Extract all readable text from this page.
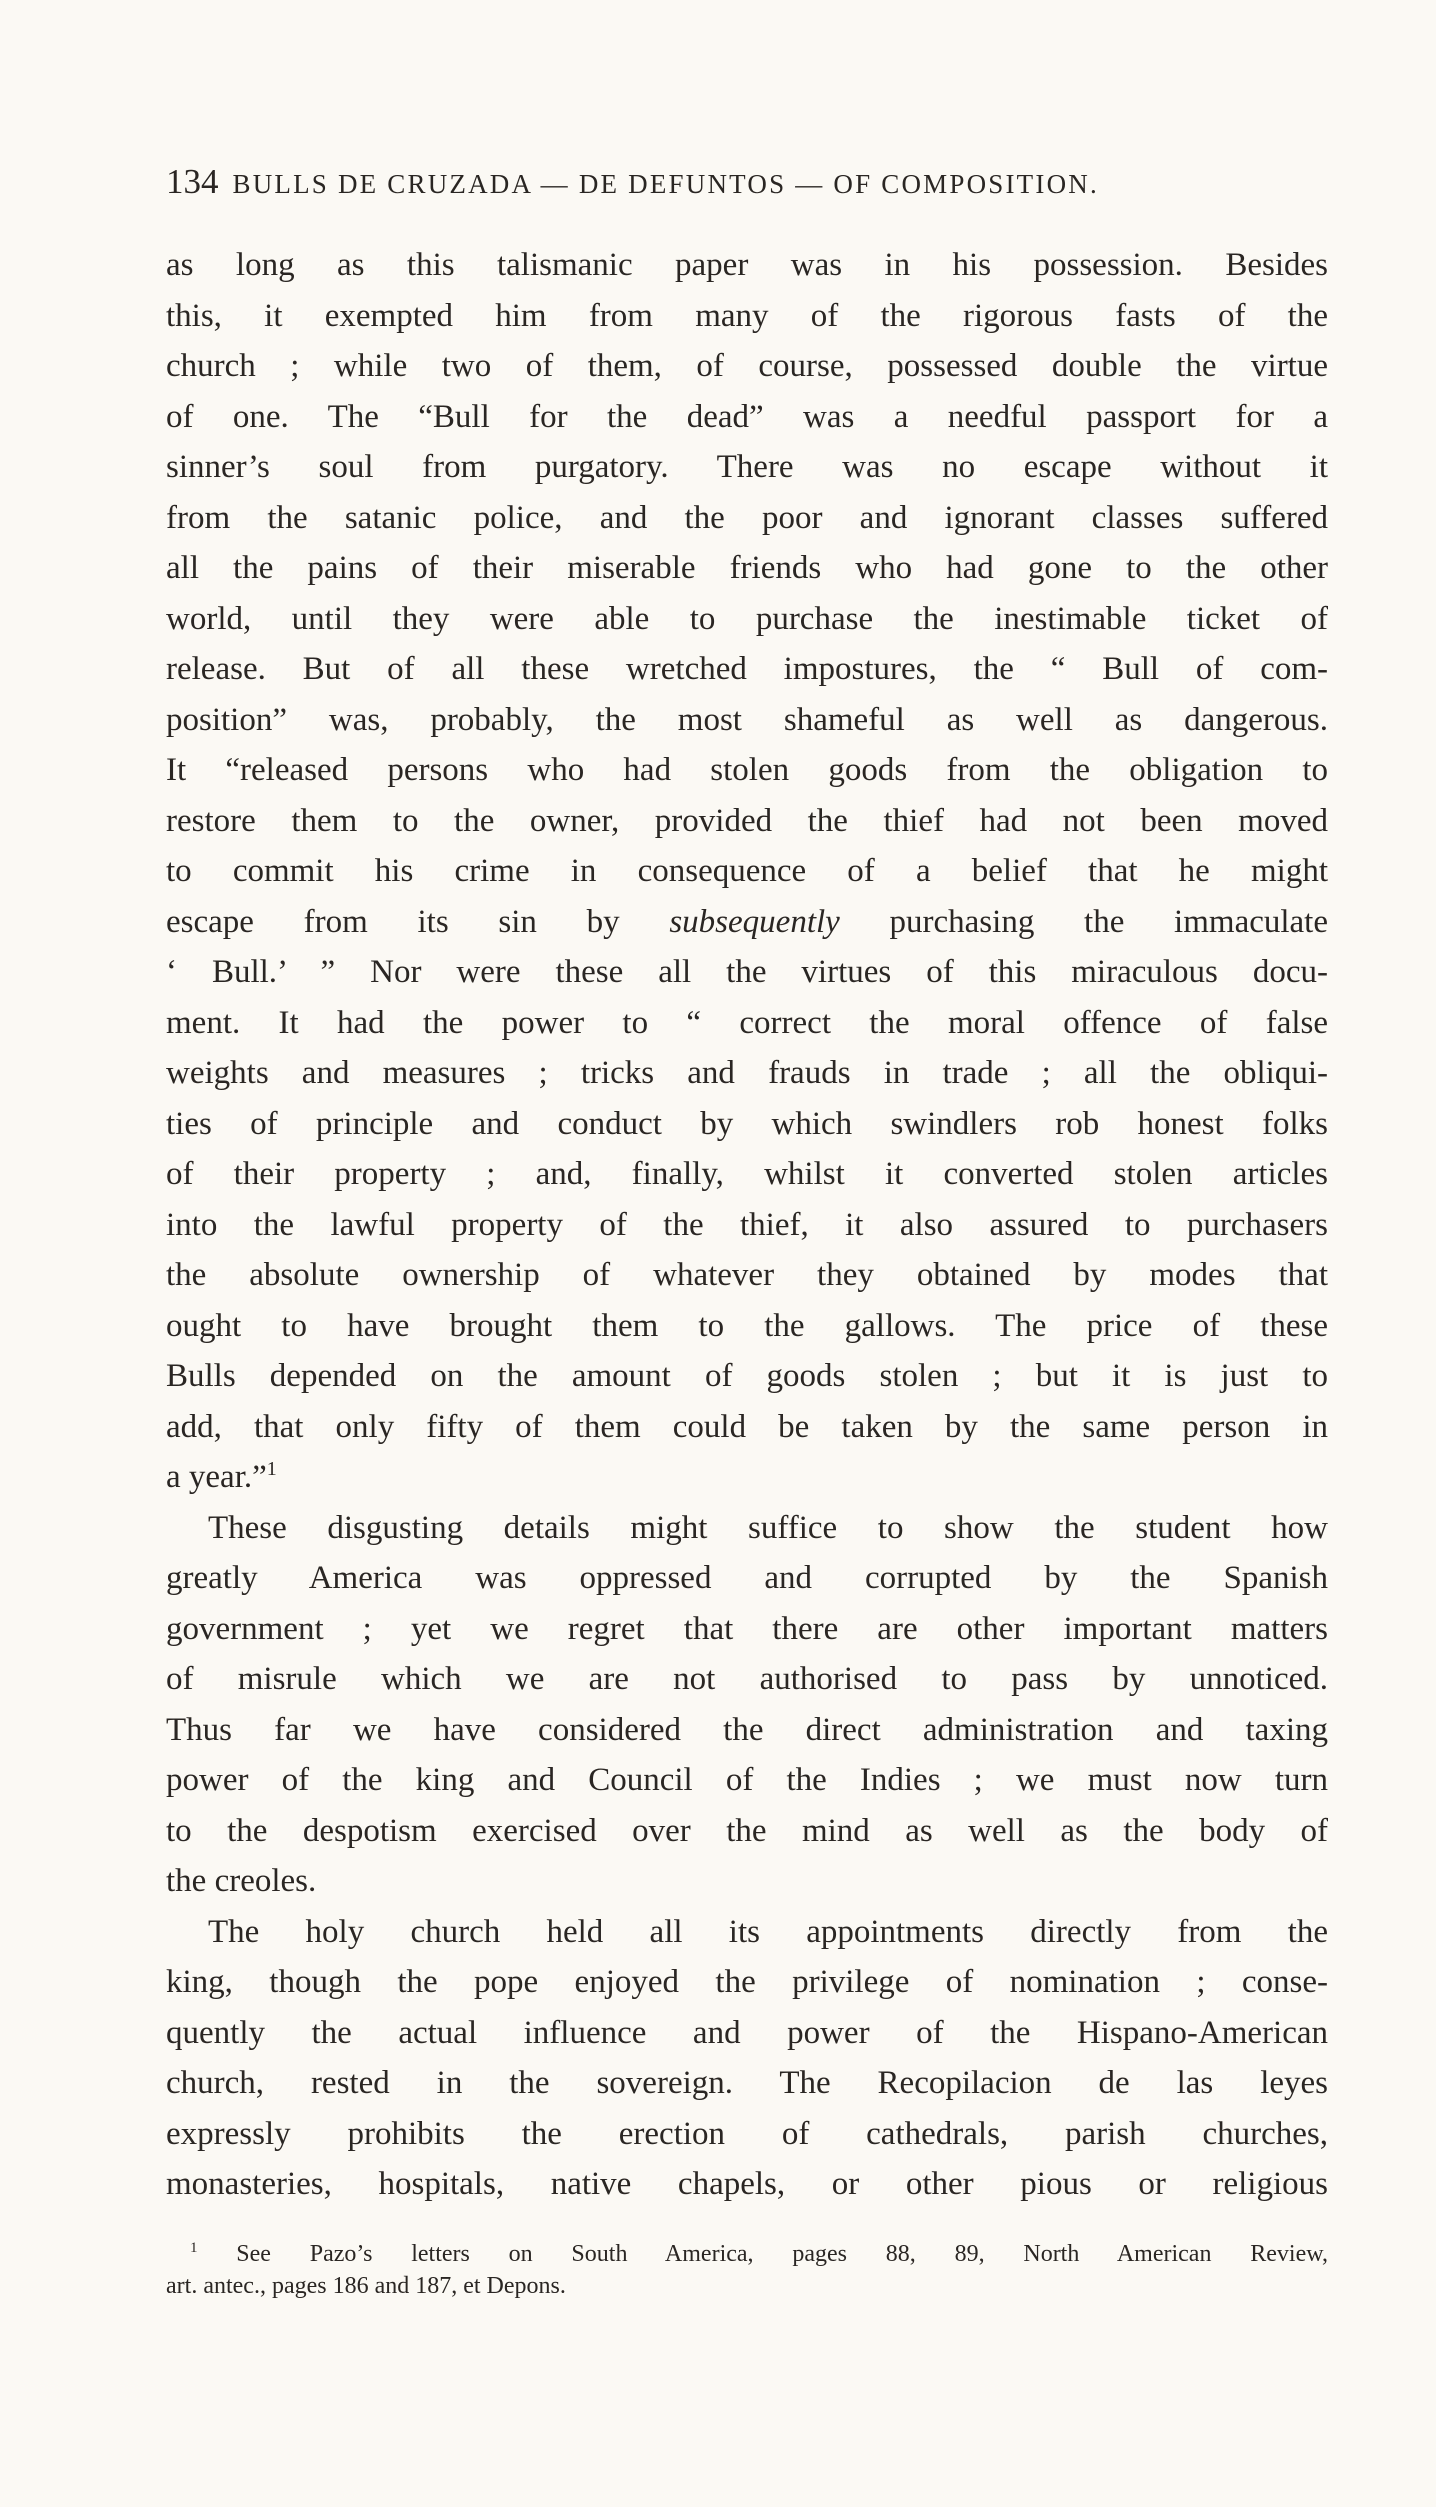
134 BULLS DE CRUZADA — DE DEFUNTOS — OF COMPOSITION.
as long as this talismanic paper was in his possession. Besides
this, it exempted him from many of the rigorous fasts of the
church ; while two of them, of course, possessed double the virtue
of one. The “Bull for the dead” was a needful passport for a
sinner’s soul from purgatory. There was no escape without it
from the satanic police, and the poor and ignorant classes suffered
all the pains of their miserable friends who had gone to the other
world, until they were able to purchase the inestimable ticket of
release. But of all these wretched impostures, the “ Bull of com-
position” was, probably, the most shameful as well as dangerous.
It “released persons who had stolen goods from the obligation to
restore them to the owner, provided the thief had not been moved
to commit his crime in consequence of a belief that he might
escape from its sin by subsequently purchasing the immaculate
‘ Bull.’ ” Nor were these all the virtues of this miraculous docu-
ment. It had the power to “ correct the moral offence of false
weights and measures ; tricks and frauds in trade ; all the obliqui-
ties of principle and conduct by which swindlers rob honest folks
of their property ; and, finally, whilst it converted stolen articles
into the lawful property of the thief, it also assured to purchasers
the absolute ownership of whatever they obtained by modes that
ought to have brought them to the gallows. The price of these
Bulls depended on the amount of goods stolen ; but it is just to
add, that only fifty of them could be taken by the same person in
a year.”$^1$
These disgusting details might suffice to show the student how
greatly America was oppressed and corrupted by the Spanish
government ; yet we regret that there are other important matters
of misrule which we are not authorised to pass by unnoticed.
Thus far we have considered the direct administration and taxing
power of the king and Council of the Indies ; we must now turn
to the despotism exercised over the mind as well as the body of
the creoles.
The holy church held all its appointments directly from the
king, though the pope enjoyed the privilege of nomination ; conse-
quently the actual influence and power of the Hispano-American
church, rested in the sovereign. The Recopilacion de las leyes
expressly prohibits the erection of cathedrals, parish churches,
monasteries, hospitals, native chapels, or other pious or religious
$^1$ See Pazo’s letters on South America, pages 88, 89, North American Review,
art. antec., pages 186 and 187, et Depons.
